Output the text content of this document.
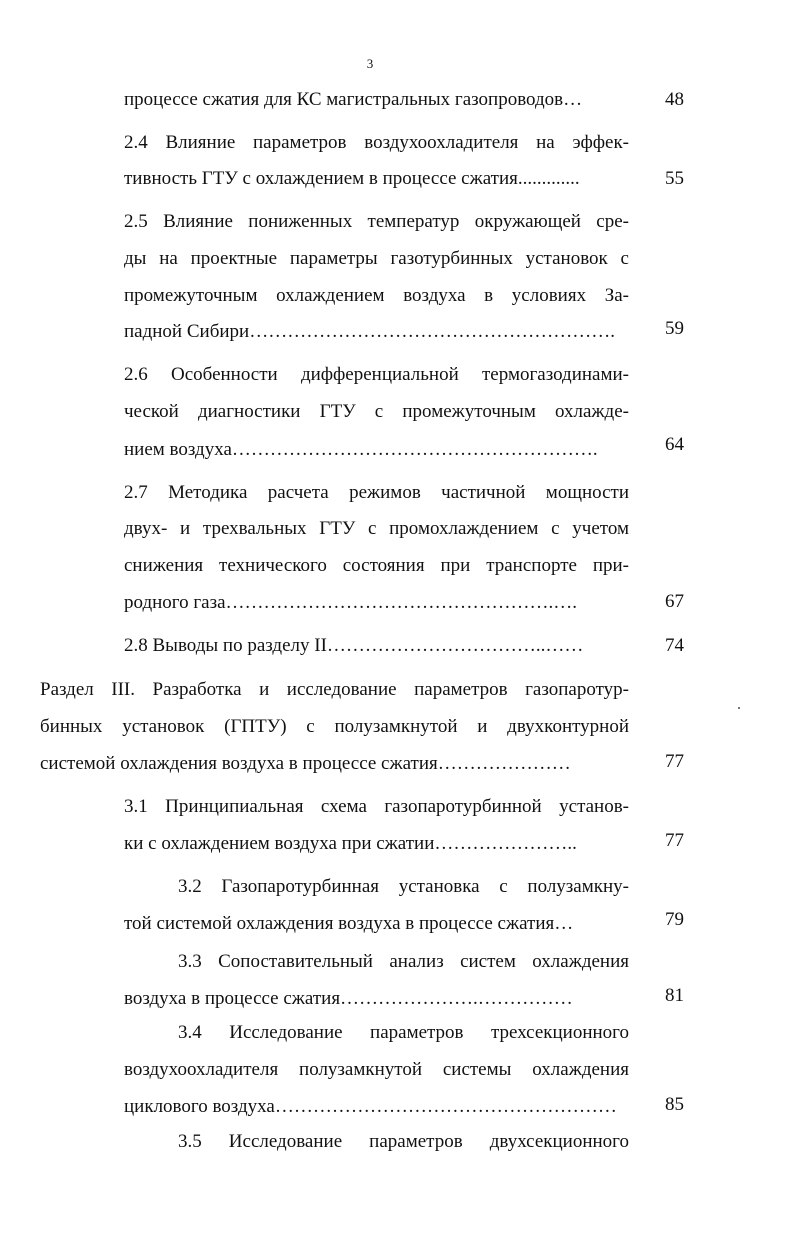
3
процессе сжатия для КС магистральных газопроводов…	48
2.4 Влияние параметров воздухоохладителя на эффек-
тивность ГТУ с охлаждением в процессе сжатия.............	55
2.5 Влияние пониженных температур окружающей сре-
ды на проектные параметры газотурбинных установок с
промежуточным охлаждением воздуха в условиях За-
падной Сибири………………………………………………….	59
2.6 Особенности дифференциальной термогазодинами-
ческой диагностики ГТУ с промежуточным охлажде-
нием воздуха………………………………………………….	64
2.7 Методика расчета режимов частичной мощности
двух- и трехвальных ГТУ с промохлаждением с учетом
снижения технического состояния при транспорте при-
родного газа…………………………………………….….	67
2.8 Выводы по разделу II……………………………..……	74
Раздел III. Разработка и исследование параметров газопаротур-
бинных установок (ГПТУ) с полузамкнутой и двухконтурной
системой охлаждения воздуха в процессе сжатия…………………	77
3.1 Принципиальная схема газопаротурбинной установ-
ки с охлаждением воздуха при сжатии…………………..	77
3.2 Газопаротурбинная установка с полузамкну-
той системой охлаждения воздуха в процессе сжатия…	79
3.3 Сопоставительный анализ систем охлаждения
воздуха в процессе сжатия………………….……………	81
3.4 Исследование параметров трехсекционного
воздухоохладителя полузамкнутой системы охлаждения
циклового воздуха………………………………………………	85
3.5 Исследование параметров двухсекционного
